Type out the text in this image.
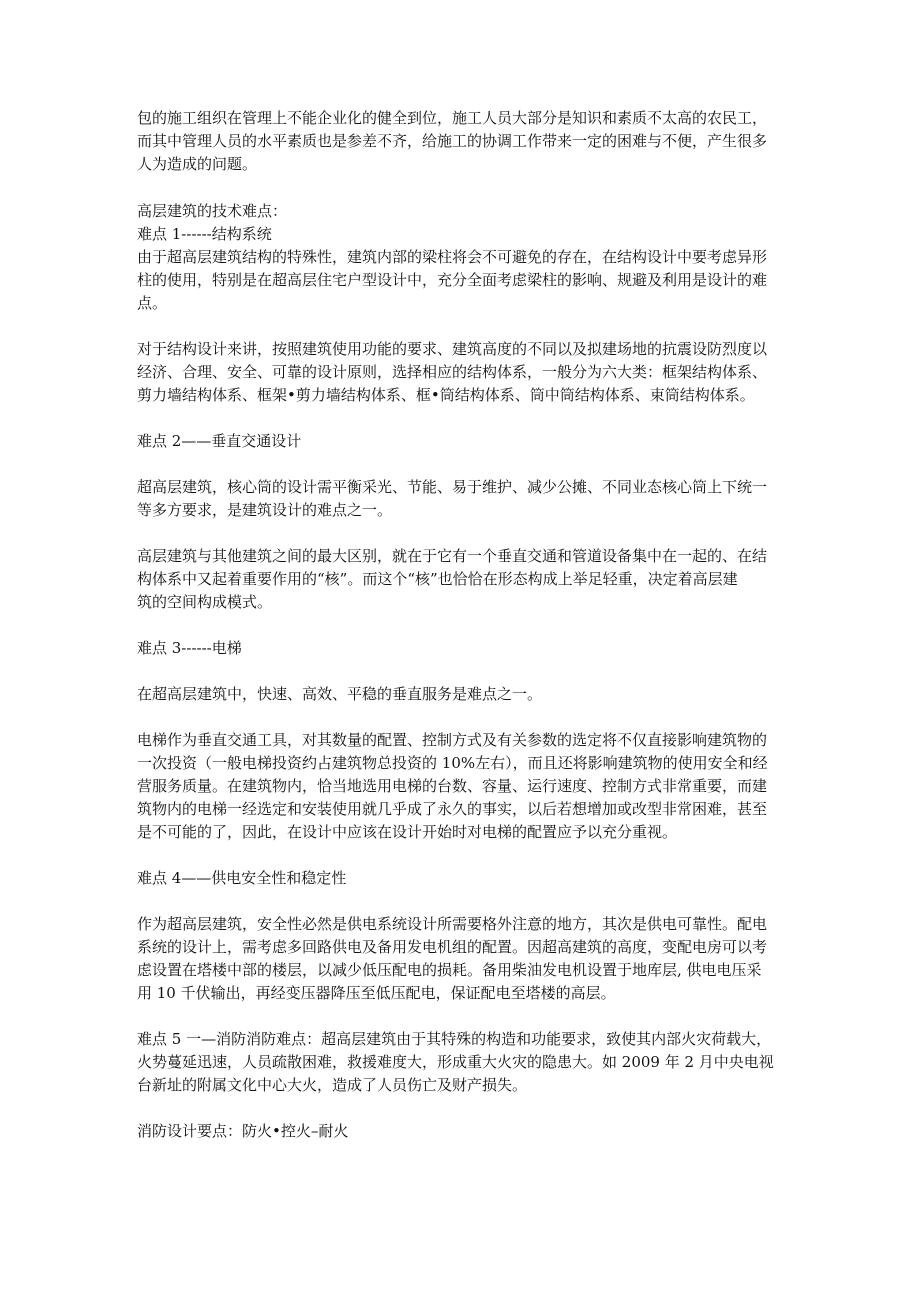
包的施工组织在管理上不能企业化的健全到位，施工人员大部分是知识和素质不太高的农民工，
而其中管理人员的水平素质也是参差不齐，给施工的协调工作带来一定的困难与不便，产生很多
人为造成的问题。
高层建筑的技术难点：
难点 1------结构系统
由于超高层建筑结构的特殊性，建筑内部的梁柱将会不可避免的存在，在结构设计中要考虑异形
柱的使用，特别是在超高层住宅户型设计中，充分全面考虑梁柱的影响、规避及利用是设计的难
点。
对于结构设计来讲，按照建筑使用功能的要求、建筑高度的不同以及拟建场地的抗震设防烈度以
经济、合理、安全、可靠的设计原则，选择相应的结构体系，一般分为六大类：框架结构体系、
剪力墙结构体系、框架•剪力墙结构体系、框•筒结构体系、筒中筒结构体系、束筒结构体系。
难点 2——垂直交通设计
超高层建筑，核心筒的设计需平衡采光、节能、易于维护、减少公摊、不同业态核心筒上下统一
等多方要求，是建筑设计的难点之一。
高层建筑与其他建筑之间的最大区别，就在于它有一个垂直交通和管道设备集中在一起的、在结
构体系中又起着重要作用的“核”。而这个“核”也恰恰在形态构成上举足轻重，决定着高层建
筑的空间构成模式。
难点 3------电梯
在超高层建筑中，快速、高效、平稳的垂直服务是难点之一。
电梯作为垂直交通工具，对其数量的配置、控制方式及有关参数的选定将不仅直接影响建筑物的
一次投资（一般电梯投资约占建筑物总投资的 10%左右），而且还将影响建筑物的使用安全和经
营服务质量。在建筑物内，恰当地选用电梯的台数、容量、运行速度、控制方式非常重要，而建
筑物内的电梯一经选定和安装使用就几乎成了永久的事实，以后若想增加或改型非常困难，甚至
是不可能的了，因此，在设计中应该在设计开始时对电梯的配置应予以充分重视。
难点 4——供电安全性和稳定性
作为超高层建筑，安全性必然是供电系统设计所需要格外注意的地方，其次是供电可靠性。配电
系统的设计上，需考虑多回路供电及备用发电机组的配置。因超高建筑的高度，变配电房可以考
虑设置在塔楼中部的楼层，以减少低压配电的损耗。备用柴油发电机设置于地库层, 供电电压采
用 10 千伏输出，再经变压器降压至低压配电，保证配电至塔楼的高层。
难点 5 一—消防消防难点：超高层建筑由于其特殊的构造和功能要求，致使其内部火灾荷载大，
火势蔓延迅速，人员疏散困难，救援难度大，形成重大火灾的隐患大。如 2009 年 2 月中央电视
台新址的附属文化中心大火，造成了人员伤亡及财产损失。
消防设计要点：防火•控火–耐火
